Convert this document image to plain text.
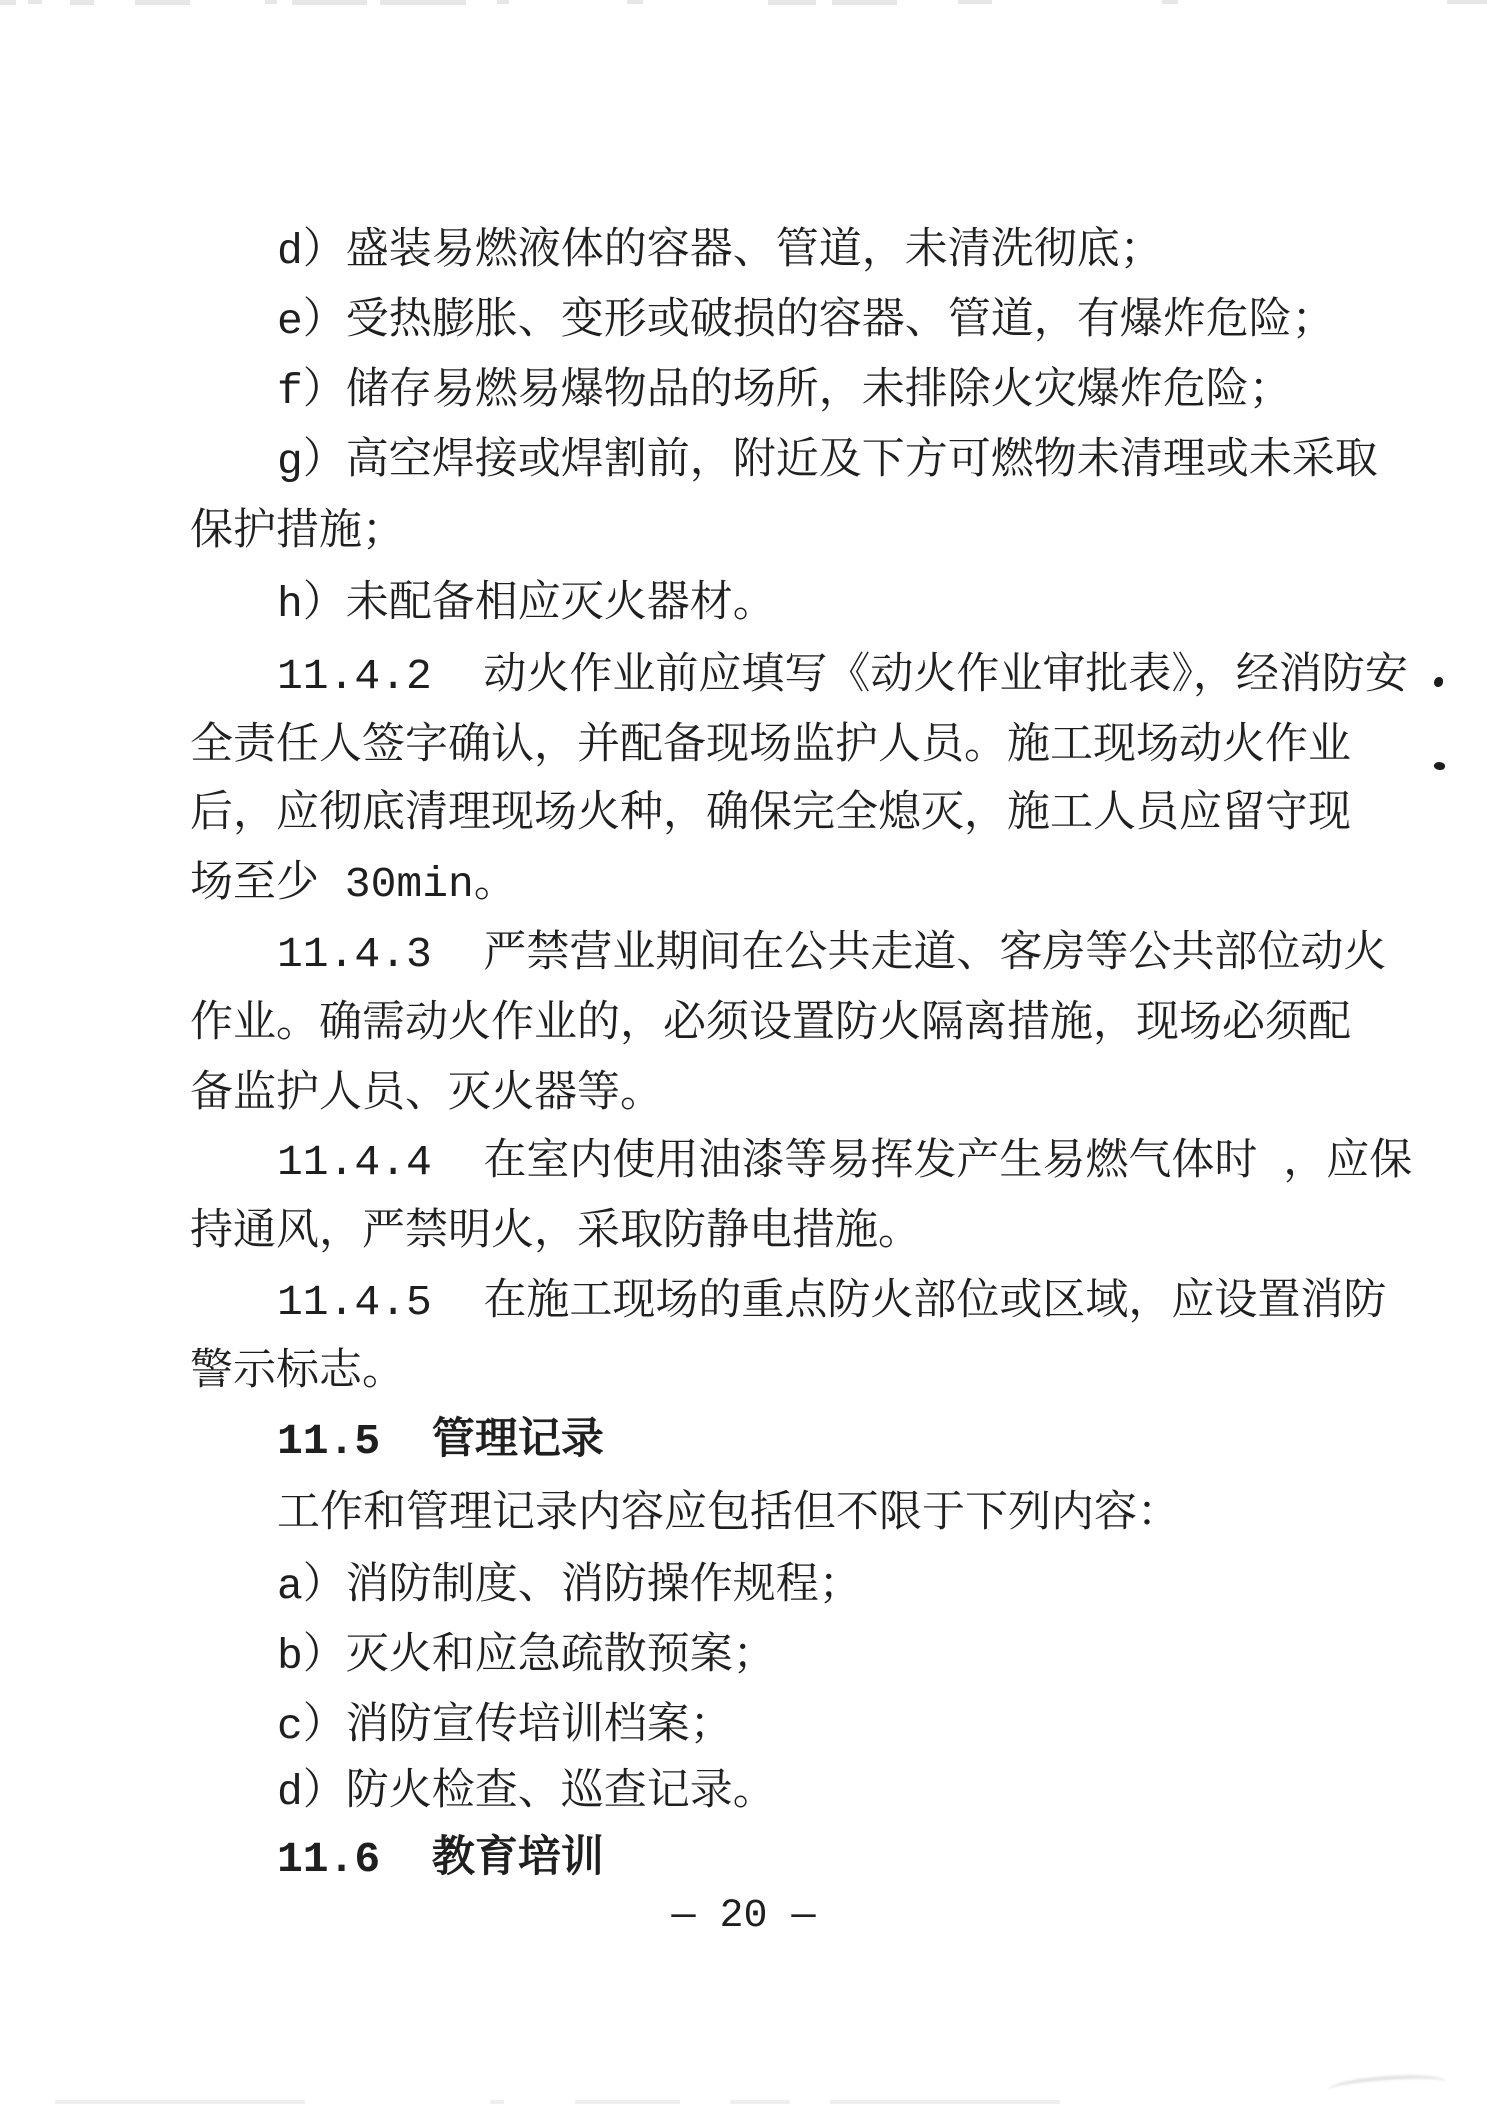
d）盛装易燃液体的容器、管道，未清洗彻底；
e）受热膨胀、变形或破损的容器、管道，有爆炸危险；
f）储存易燃易爆物品的场所，未排除火灾爆炸危险；
g）高空焊接或焊割前，附近及下方可燃物未清理或未采取
保护措施；
h）未配备相应灭火器材。
11.4.2  动火作业前应填写《动火作业审批表》，经消防安
全责任人签字确认，并配备现场监护人员。施工现场动火作业
后，应彻底清理现场火种，确保完全熄灭，施工人员应留守现
场至少 30min。
11.4.3  严禁营业期间在公共走道、客房等公共部位动火
作业。确需动火作业的，必须设置防火隔离措施，现场必须配
备监护人员、灭火器等。
11.4.4  在室内使用油漆等易挥发产生易燃气体时 ，应保
持通风，严禁明火，采取防静电措施。
11.4.5  在施工现场的重点防火部位或区域，应设置消防
警示标志。
11.5  管理记录
工作和管理记录内容应包括但不限于下列内容：
a）消防制度、消防操作规程；
b）灭火和应急疏散预案；
c）消防宣传培训档案；
d）防火检查、巡查记录。
11.6  教育培训
— 20 —
